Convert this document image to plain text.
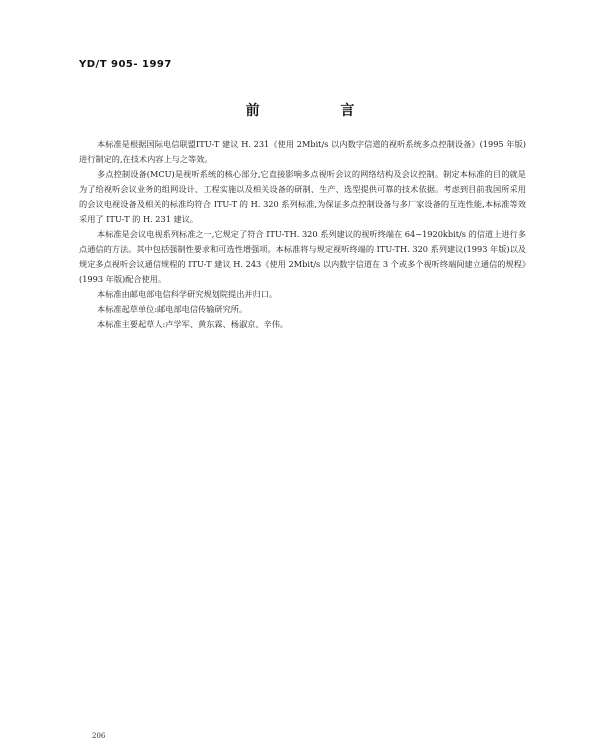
YD/T 905- 1997
前 言

本标准是根据国际电信联盟ITU-T 建议 H. 231《使用 2Mbit/s 以内数字信道的视听系统多点控制设备》(1995 年版)进行制定的,在技术内容上与之等效。

多点控制设备(MCU)是视听系统的核心部分,它直接影响多点视听会议的网络结构及会议控制。制定本标准的目的就是为了给视听会议业务的组网设计、工程实施以及相关设备的研制、生产、选型提供可靠的技术依据。考虑到目前我国所采用的会议电视设备及相关的标准均符合 ITU-T 的 H. 320 系列标准,为保证多点控制设备与多厂家设备的互连性能,本标准等效采用了 ITU-T 的 H. 231 建议。

本标准是会议电视系列标准之一,它规定了符合 ITU-TH. 320 系列建议的视听终端在 64~1920kbit/s 的信道上进行多点通信的方法。其中包括强制性要求和可选性增强项。本标准将与规定视听终端的 ITU-TH. 320 系列建议(1993 年版)以及规定多点视听会议通信规程的 ITU-T 建议 H. 243《使用 2Mbit/s 以内数字信道在 3 个或多个视听终端间建立通信的规程》(1993 年版)配合使用。

本标准由邮电部电信科学研究规划院提出并归口。

本标准起草单位:邮电部电信传输研究所。

本标准主要起草人:卢学军、黄东霖、杨淑京、辛伟。

206
